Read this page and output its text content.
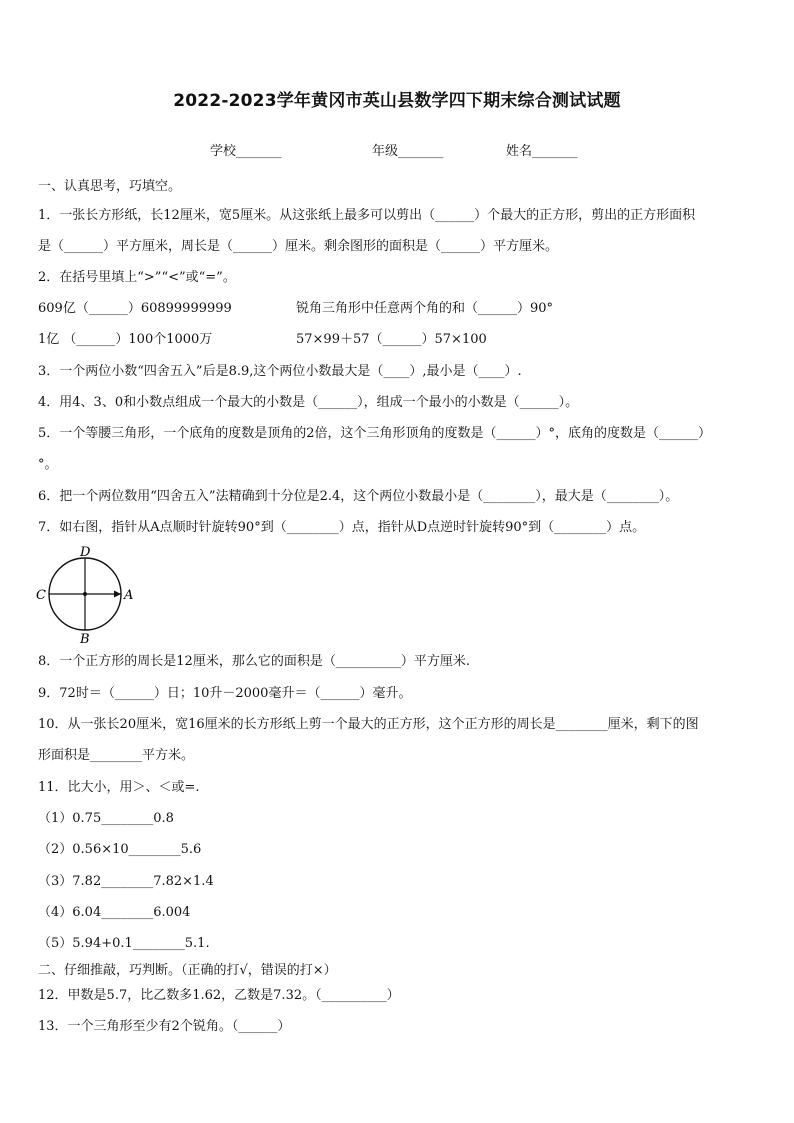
2022-2023学年黄冈市英山县数学四下期末综合测试试题
学校_______	年级_______	姓名_______
一、认真思考，巧填空。
1．一张长方形纸，长12厘米，宽5厘米。从这张纸上最多可以剪出（______）个最大的正方形，剪出的正方形面积
是（______）平方厘米，周长是（______）厘米。剩余图形的面积是（______）平方厘米。
2．在括号里填上“>”“<”或“=”。
609亿（______）60899999999	锐角三角形中任意两个角的和（______）90°
1亿 （______）100个1000万	57×99＋57（______）57×100
3．一个两位小数“四舍五入”后是8.9,这个两位小数最大是（____）,最小是（____）.
4．用4、3、0和小数点组成一个最大的小数是（______），组成一个最小的小数是（______）。
5．一个等腰三角形，一个底角的度数是顶角的2倍，这个三角形顶角的度数是（______）°，底角的度数是（______）
°。
6．把一个两位数用“四舍五入”法精确到十分位是2.4，这个两位小数最小是（________），最大是（________）。
7．如右图，指针从A点顺时针旋转90°到（________）点，指针从D点逆时针旋转90°到（________）点。
D
C	A
B
8．一个正方形的周长是12厘米，那么它的面积是（__________）平方厘米.
9．72时＝（______）日；10升－2000毫升＝（______）毫升。
10．从一张长20厘米，宽16厘米的长方形纸上剪一个最大的正方形，这个正方形的周长是________厘米，剩下的图
形面积是________平方米。
11．比大小，用＞、＜或=.
（1）0.75________0.8
（2）0.56×10________5.6
（3）7.82________7.82×1.4
（4）6.04________6.004
（5）5.94+0.1________5.1.
二、仔细推敲，巧判断。（正确的打√，错误的打×）
12．甲数是5.7，比乙数多1.62，乙数是7.32。（__________）
13．一个三角形至少有2个锐角。（______）
